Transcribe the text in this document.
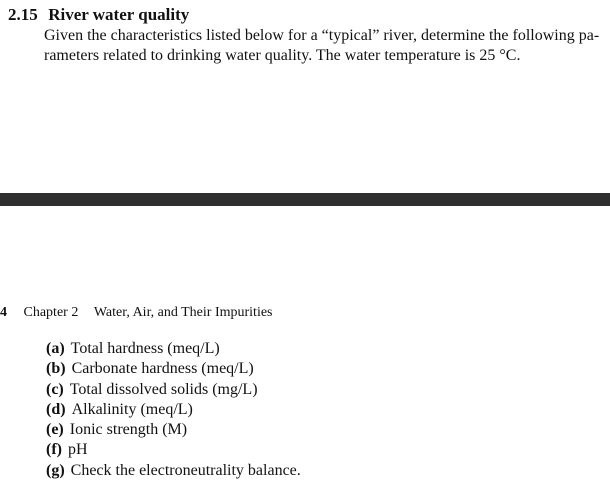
2.15 River water quality
Given the characteristics listed below for a “typical” river, determine the following pa-
rameters related to drinking water quality. The water temperature is 25 °C.
4 Chapter 2 Water, Air, and Their Impurities
(a) Total hardness (meq/L)
(b) Carbonate hardness (meq/L)
(c) Total dissolved solids (mg/L)
(d) Alkalinity (meq/L)
(e) Ionic strength (M)
(f) pH
(g) Check the electroneutrality balance.
